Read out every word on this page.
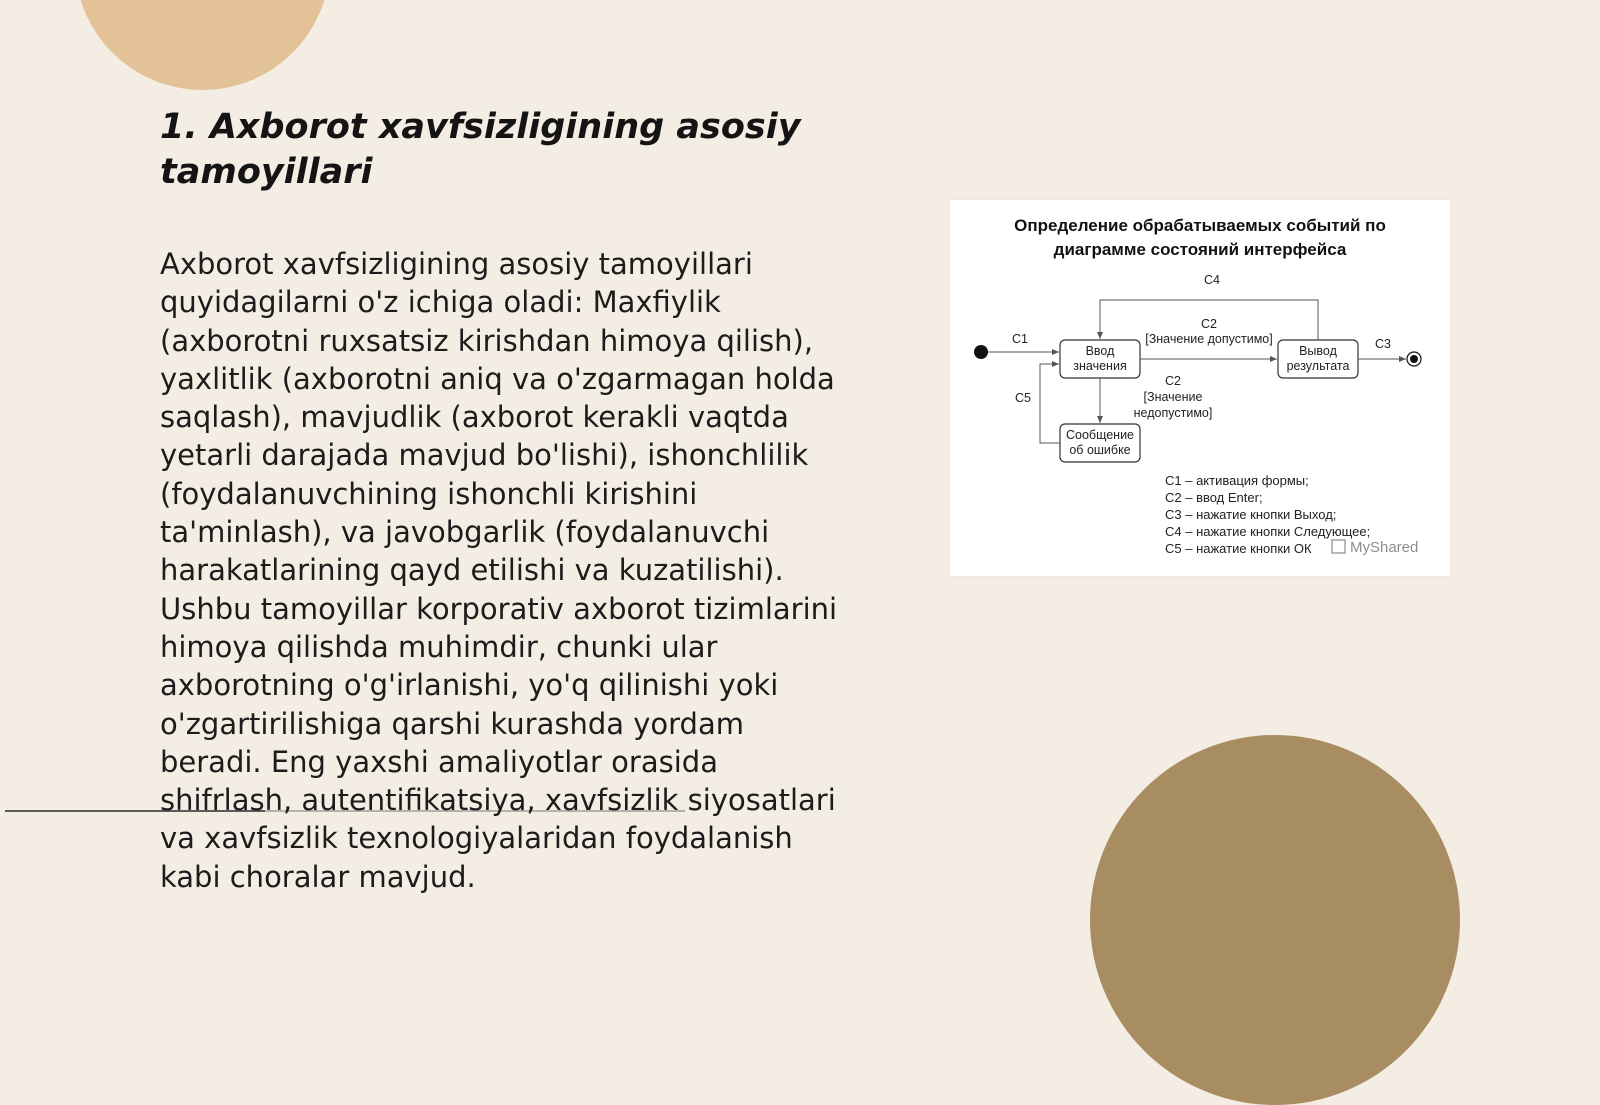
1. Axborot xavfsizligining asosiy tamoyillari

Axborot xavfsizligining asosiy tamoyillari quyidagilarni o'z ichiga oladi: Maxfiylik (axborotni ruxsatsiz kirishdan himoya qilish), yaxlitlik (axborotni aniq va o'zgarmagan holda saqlash), mavjudlik (axborot kerakli vaqtda yetarli darajada mavjud bo'lishi), ishonchlilik (foydalanuvchining ishonchli kirishini ta'minlash), va javobgarlik (foydalanuvchi harakatlarining qayd etilishi va kuzatilishi). Ushbu tamoyillar korporativ axborot tizimlarini himoya qilishda muhimdir, chunki ular axborotning o'g'irlanishi, yo'q qilinishi yoki o'zgartirilishiga qarshi kurashda yordam beradi. Eng yaxshi amaliyotlar orasida shifrlash, autentifikatsiya, xavfsizlik siyosatlari va xavfsizlik texnologiyalaridan foydalanish kabi choralar mavjud.

Определение обрабатываемых событий по
диаграмме состояний интерфейса
C1
Ввод
значения
Вывод
результата
Сообщение
об ошибке
C4
C2
[Значение допустимо]
C2
[Значение
недопустимо]
C5
C3
C1 – активация формы;
C2 – ввод Enter;
C3 – нажатие кнопки Выход;
C4 – нажатие кнопки Следующее;
C5 – нажатие кнопки ОК	MyShared
